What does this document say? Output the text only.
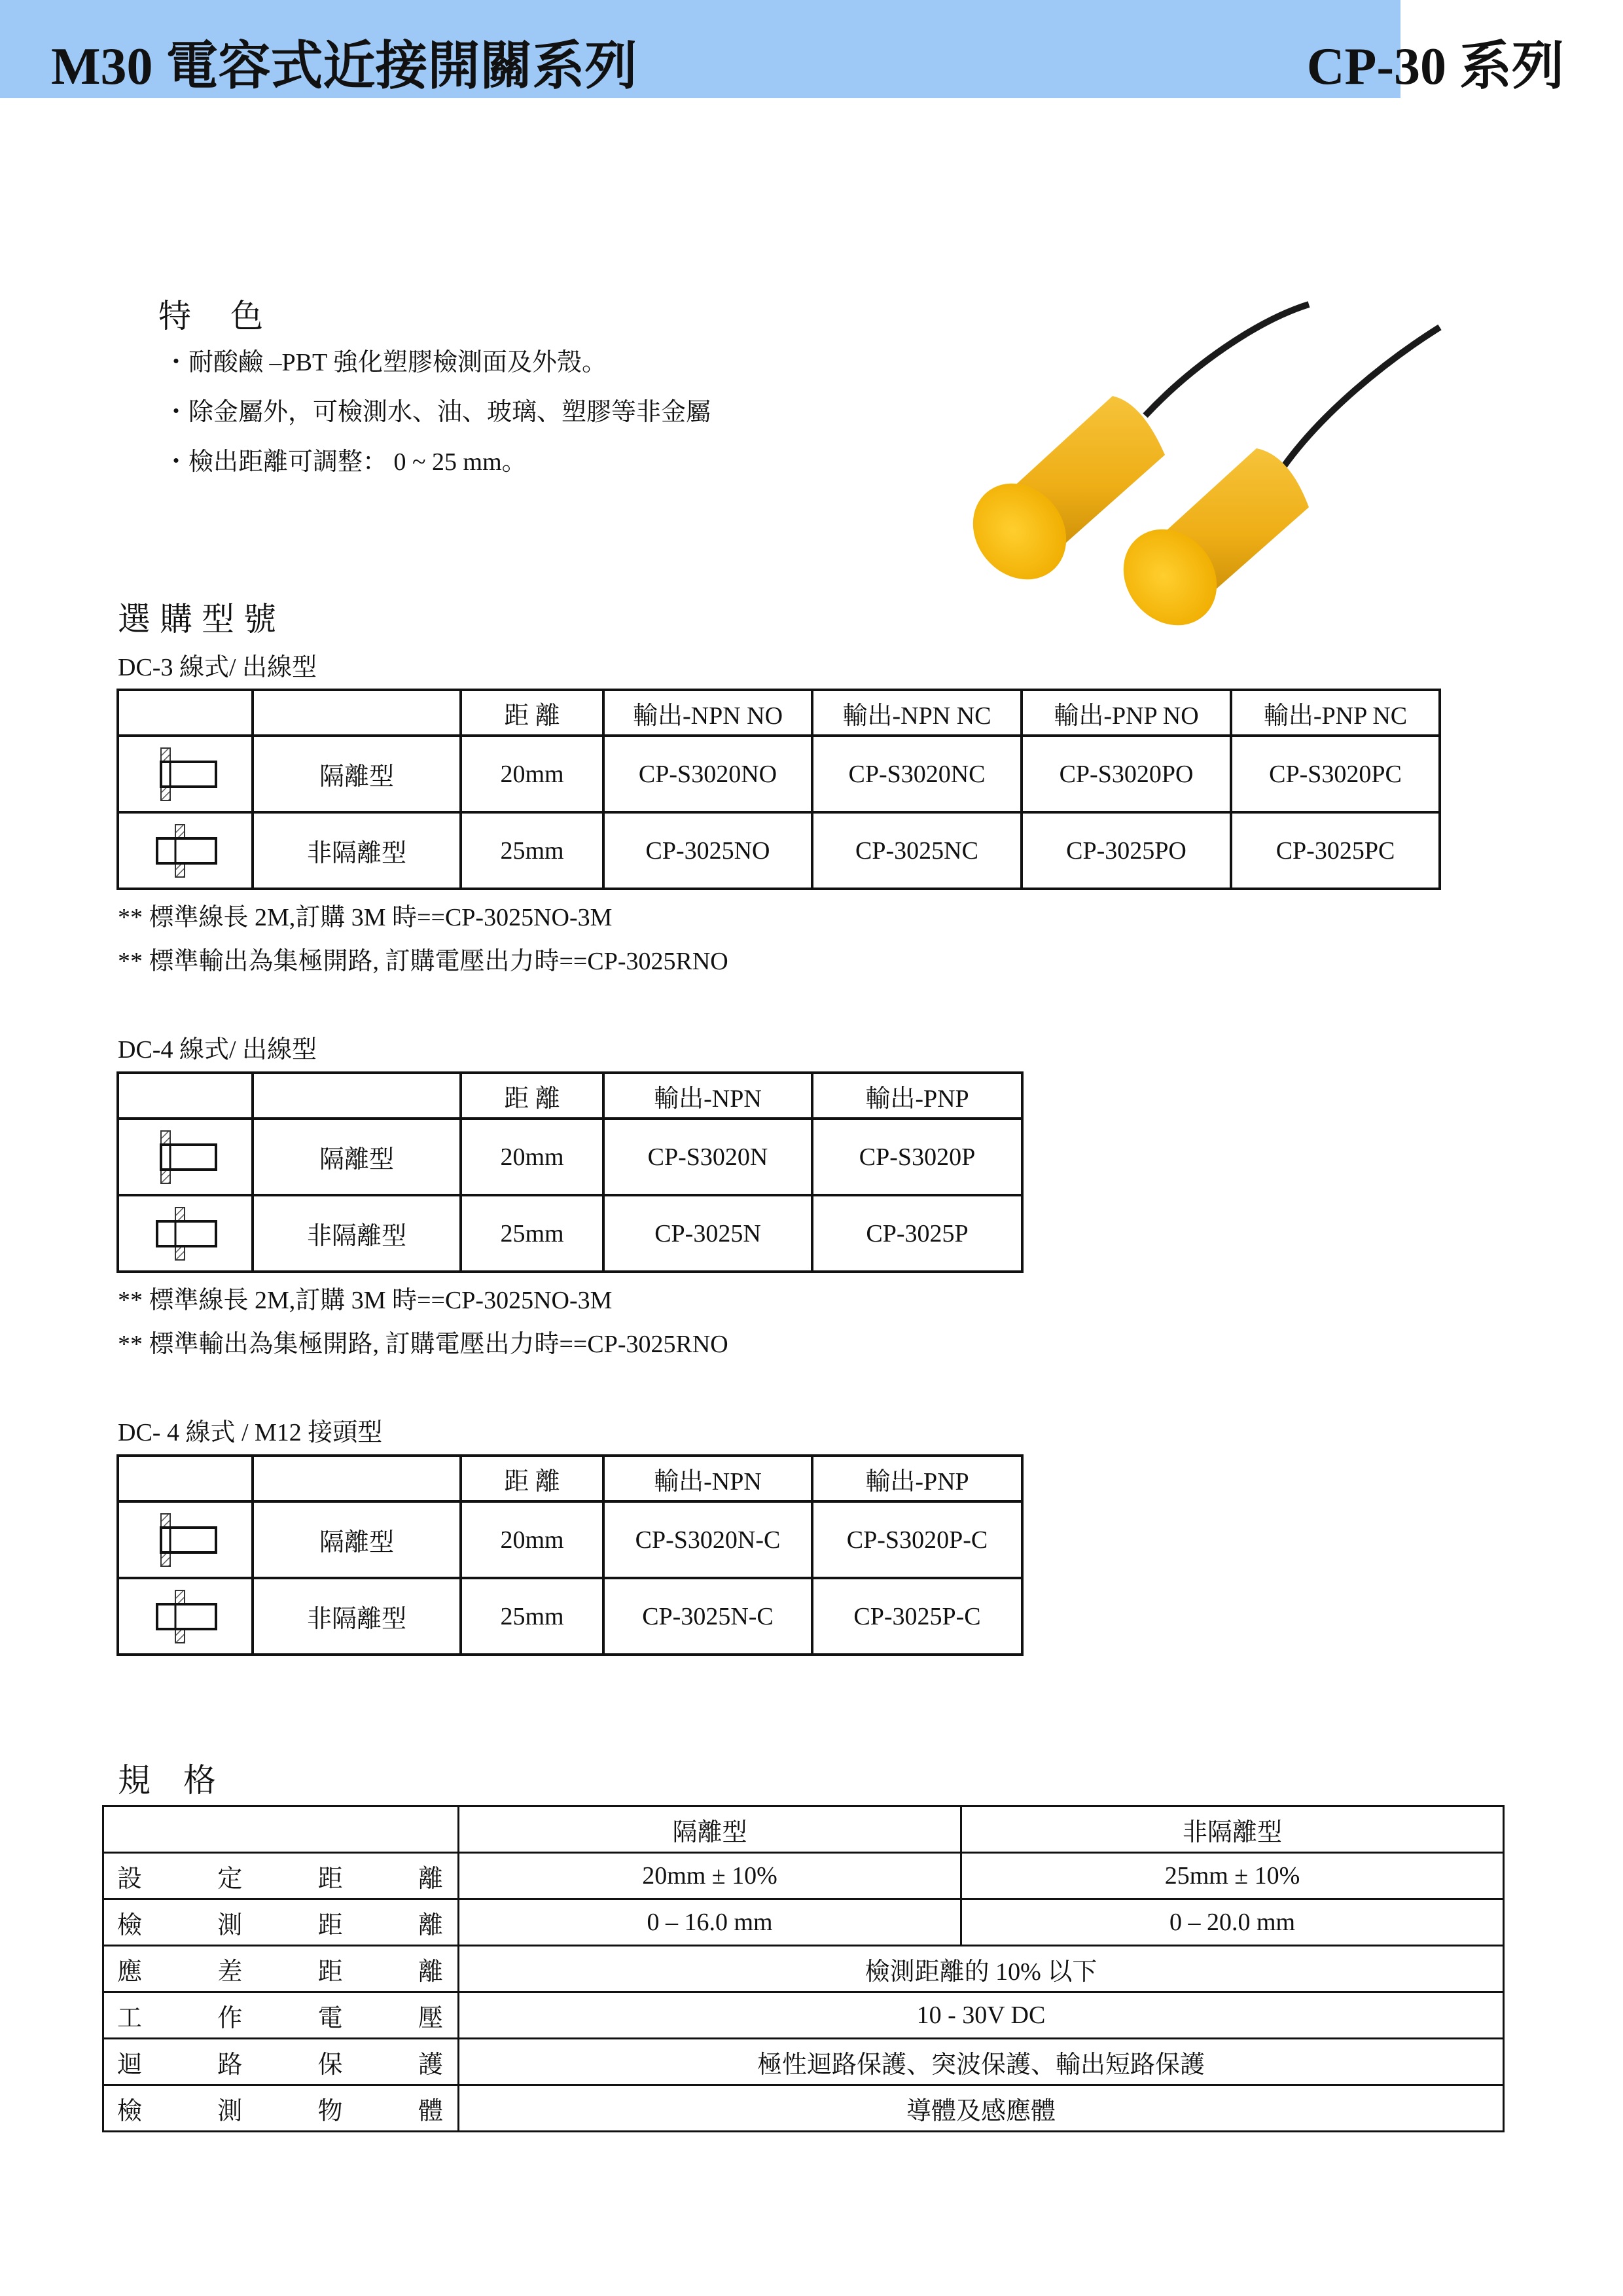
M30 電容式近接開關系列	CP-30 系列
特色
・耐酸鹼 –PBT 強化塑膠檢測面及外殼。
・除金屬外，可檢測水、油、玻璃、塑膠等非金屬
・檢出距離可調整： 0 ~ 25 mm。
選購型號
DC-3 線式/ 出線型
		距 離	輸出-NPN NO	輸出-NPN NC	輸出-PNP NO	輸出-PNP NC

	隔離型	20mm	CP-S3020NO	CP-S3020NC	CP-S3020PO	CP-S3020PC

	非隔離型	25mm	CP-3025NO	CP-3025NC	CP-3025PO	CP-3025PC
** 標準線長 2M,訂購 3M 時==CP-3025NO-3M
** 標準輸出為集極開路, 訂購電壓出力時==CP-3025RNO
DC-4 線式/ 出線型
		距 離	輸出-NPN	輸出-PNP

	隔離型	20mm	CP-S3020N	CP-S3020P

	非隔離型	25mm	CP-3025N	CP-3025P
** 標準線長 2M,訂購 3M 時==CP-3025NO-3M
** 標準輸出為集極開路, 訂購電壓出力時==CP-3025RNO
DC- 4 線式 / M12 接頭型
		距 離	輸出-NPN	輸出-PNP

	隔離型	20mm	CP-S3020N-C	CP-S3020P-C

	非隔離型	25mm	CP-3025N-C	CP-3025P-C
規格
	隔離型	非隔離型

設 定 距 離	20mm ± 10%	25mm ± 10%

檢 測 距 離	0 – 16.0 mm	0 – 20.0 mm

應 差 距 離	檢測距離的 10% 以下	

工 作 電 壓	10 - 30V DC	

迴 路 保 護	極性迴路保護、突波保護、輸出短路保護	

檢 測 物 體	導體及感應體	
